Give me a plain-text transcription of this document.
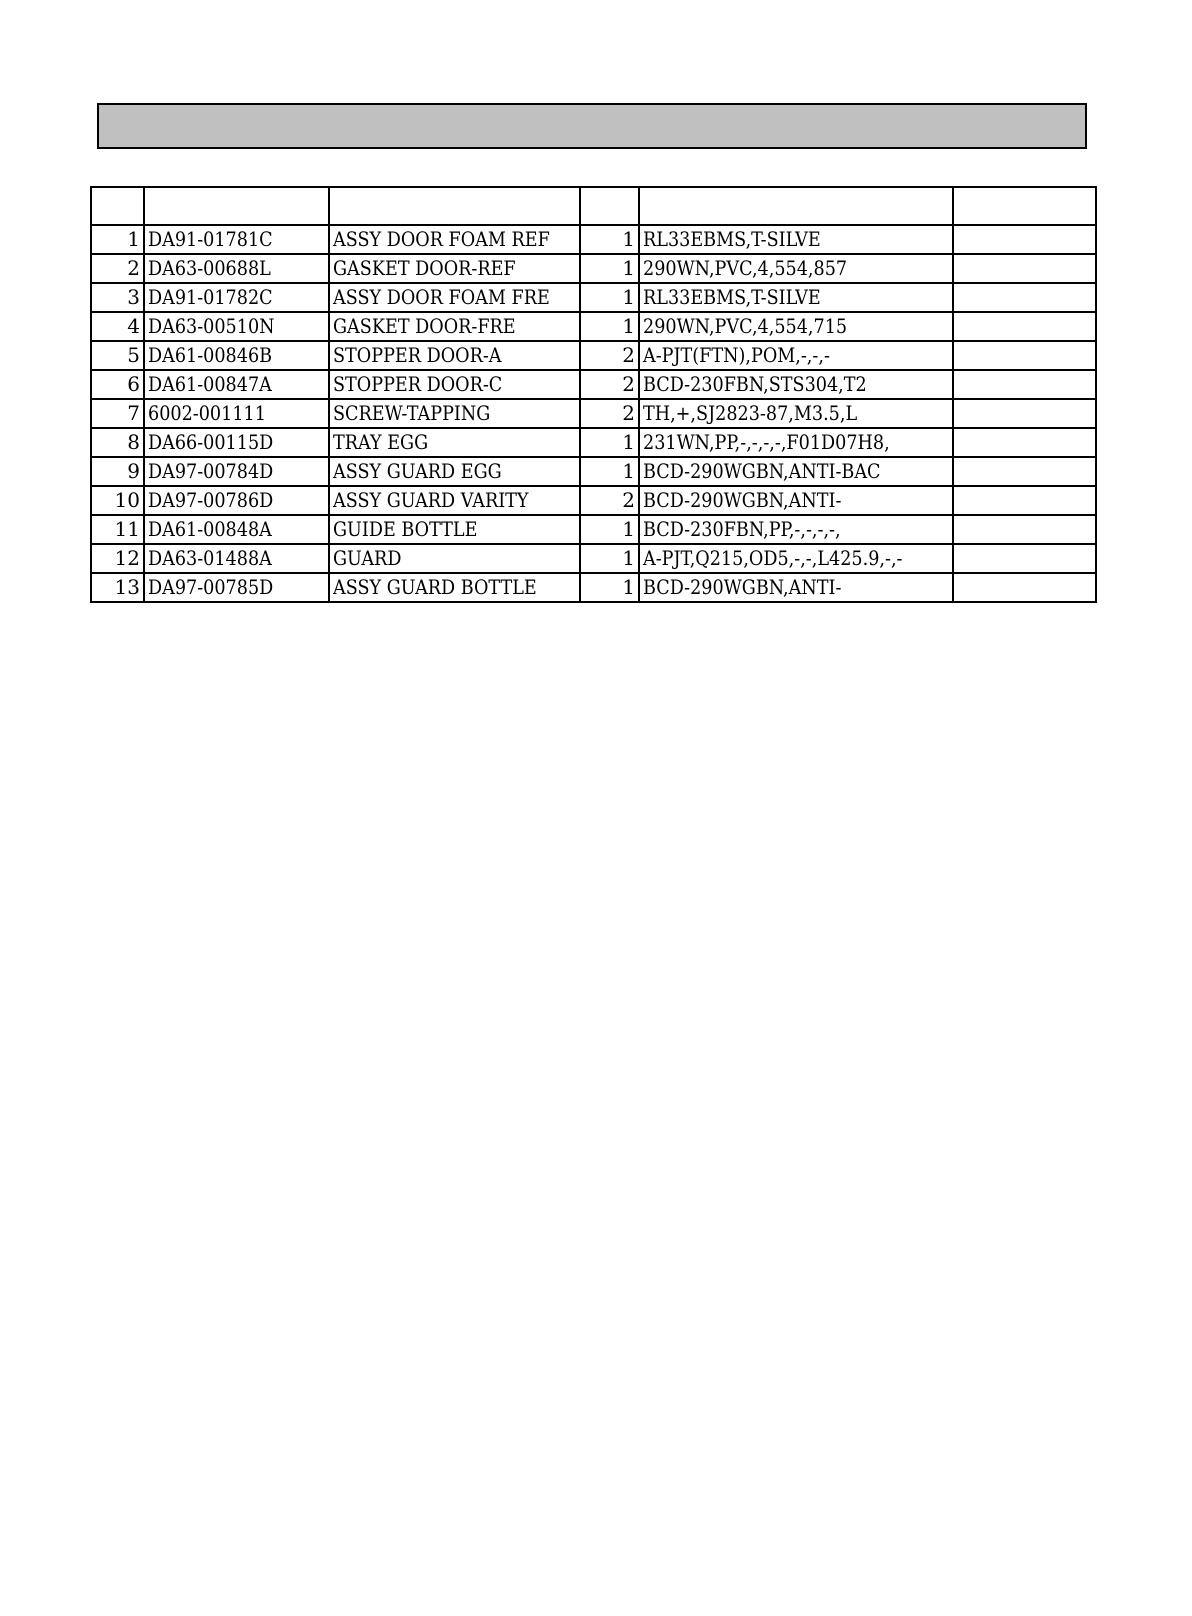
1	DA91-01781C	ASSY DOOR FOAM REF	1	RL33EBMS,T-SILVE	
2	DA63-00688L	GASKET DOOR-REF	1	290WN,PVC,4,554,857	
3	DA91-01782C	ASSY DOOR FOAM FRE	1	RL33EBMS,T-SILVE	
4	DA63-00510N	GASKET DOOR-FRE	1	290WN,PVC,4,554,715	
5	DA61-00846B	STOPPER DOOR-A	2	A-PJT(FTN),POM,-,-,-	
6	DA61-00847A	STOPPER DOOR-C	2	BCD-230FBN,STS304,T2	
7	6002-001111	SCREW-TAPPING	2	TH,+,SJ2823-87,M3.5,L	
8	DA66-00115D	TRAY EGG	1	231WN,PP,-,-,-,-,F01D07H8,	
9	DA97-00784D	ASSY GUARD EGG	1	BCD-290WGBN,ANTI-BAC	
10	DA97-00786D	ASSY GUARD VARITY	2	BCD-290WGBN,ANTI-	
11	DA61-00848A	GUIDE BOTTLE	1	BCD-230FBN,PP,-,-,-,-,	
12	DA63-01488A	GUARD	1	A-PJT,Q215,OD5,-,-,L425.9,-,-	
13	DA97-00785D	ASSY GUARD BOTTLE	1	BCD-290WGBN,ANTI-	
